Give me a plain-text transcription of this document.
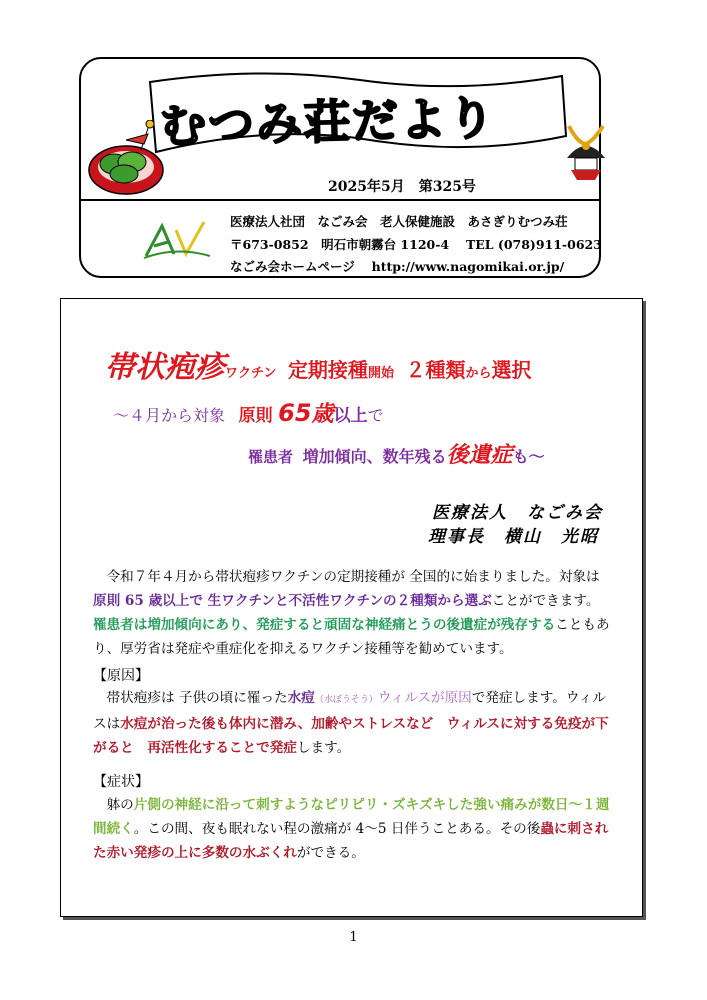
むつみ荘だより
2025年5月　第325号
医療法人社団　なごみ会　老人保健施設　あさぎりむつみ荘
〒673-0852　明石市朝霧台 1120-4　 TEL (078)911-0623
なごみ会ホームページ　 http://www.nagomikai.or.jp/
帯状疱疹ワクチン 定期接種開始 ２種類から選択
～４月から対象 原則 65歳以上で
罹患者 増加傾向、数年残る後遺症も～
医療法人　なごみ会
理事長　横山　光昭
　令和７年４月から帯状疱疹ワクチンの定期接種が 全国的に始まりました。対象は原則 65 歳以上で 生ワクチンと不活性ワクチンの２種類から選ぶことができます。罹患者は増加傾向にあり、発症すると頑固な神経痛とうの後遺症が残存することもあり、厚労省は発症や重症化を抑えるワクチン接種等を勧めています。
【原因】
　帯状疱疹は 子供の頃に罹った水痘（水ぼうそう）ウィルスが原因で発症します。ウィルスは水痘が治った後も体内に潜み、加齢やストレスなど　ウィルスに対する免疫が下がると　再活性化することで発症します。
【症状】
　躰の片側の神経に沿って刺すようなピリピリ・ズキズキした強い痛みが数日～１週間続く。この間、夜も眠れない程の激痛が 4～5 日伴うことある。その後蟲に刺された赤い発疹の上に多数の水ぶくれができる。
1
